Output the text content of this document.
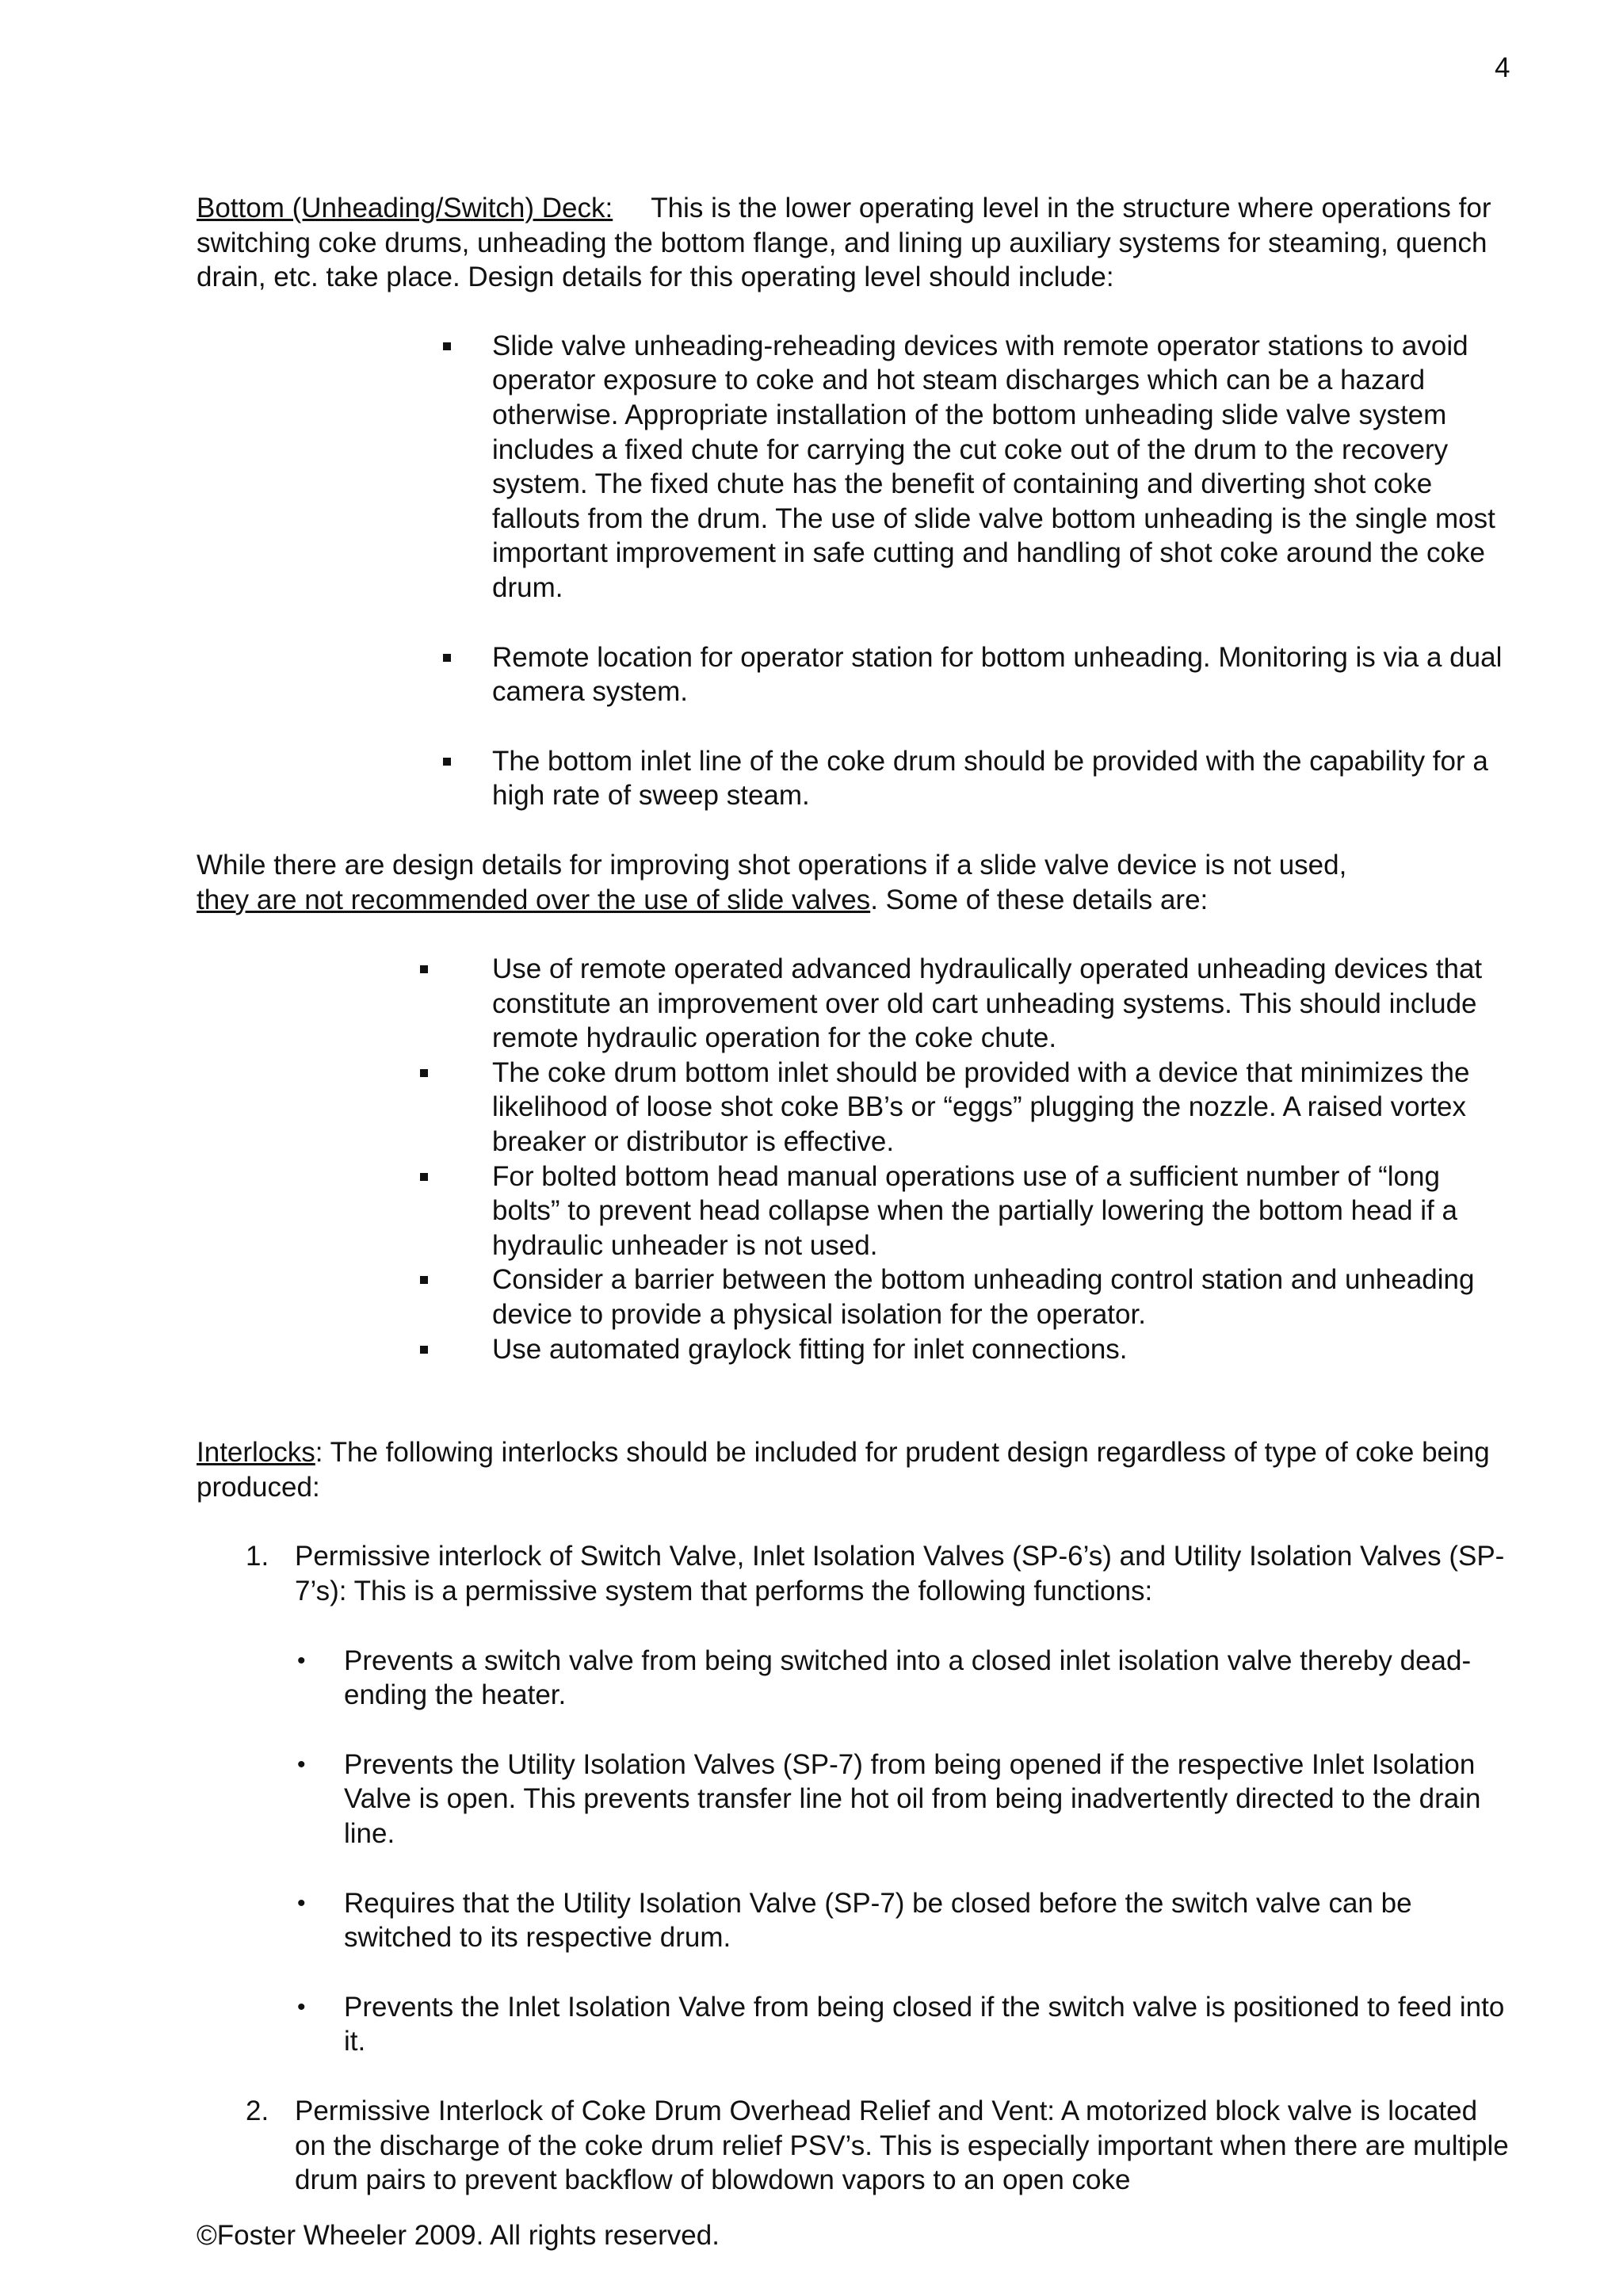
4

Bottom (Unheading/Switch) Deck: This is the lower operating level in the structure where operations for switching coke drums, unheading the bottom flange, and lining up auxiliary systems for steaming, quench drain, etc. take place. Design details for this operating level should include:

Slide valve unheading-reheading devices with remote operator stations to avoid operator exposure to coke and hot steam discharges which can be a hazard otherwise. Appropriate installation of the bottom unheading slide valve system includes a fixed chute for carrying the cut coke out of the drum to the recovery system. The fixed chute has the benefit of containing and diverting shot coke fallouts from the drum. The use of slide valve bottom unheading is the single most important improvement in safe cutting and handling of shot coke around the coke drum.
Remote location for operator station for bottom unheading. Monitoring is via a dual camera system.
The bottom inlet line of the coke drum should be provided with the capability for a high rate of sweep steam.

While there are design details for improving shot operations if a slide valve device is not used,
they are not recommended over the use of slide valves. Some of these details are:

Use of remote operated advanced hydraulically operated unheading devices that constitute an improvement over old cart unheading systems. This should include remote hydraulic operation for the coke chute.
The coke drum bottom inlet should be provided with a device that minimizes the likelihood of loose shot coke BB’s or “eggs” plugging the nozzle. A raised vortex breaker or distributor is effective.
For bolted bottom head manual operations use of a sufficient number of “long bolts” to prevent head collapse when the partially lowering the bottom head if a hydraulic unheader is not used.
Consider a barrier between the bottom unheading control station and unheading device to provide a physical isolation for the operator.
Use automated graylock fitting for inlet connections.

Interlocks: The following interlocks should be included for prudent design regardless of type of coke being produced:

1. Permissive interlock of Switch Valve, Inlet Isolation Valves (SP-6’s) and Utility Isolation Valves (SP-7’s): This is a permissive system that performs the following functions:
• Prevents a switch valve from being switched into a closed inlet isolation valve thereby dead-ending the heater.
• Prevents the Utility Isolation Valves (SP-7) from being opened if the respective Inlet Isolation Valve is open. This prevents transfer line hot oil from being inadvertently directed to the drain line.
• Requires that the Utility Isolation Valve (SP-7) be closed before the switch valve can be switched to its respective drum.
• Prevents the Inlet Isolation Valve from being closed if the switch valve is positioned to feed into it.
2. Permissive Interlock of Coke Drum Overhead Relief and Vent: A motorized block valve is located on the discharge of the coke drum relief PSV’s. This is especially important when there are multiple drum pairs to prevent backflow of blowdown vapors to an open coke
©Foster Wheeler 2009. All rights reserved.
